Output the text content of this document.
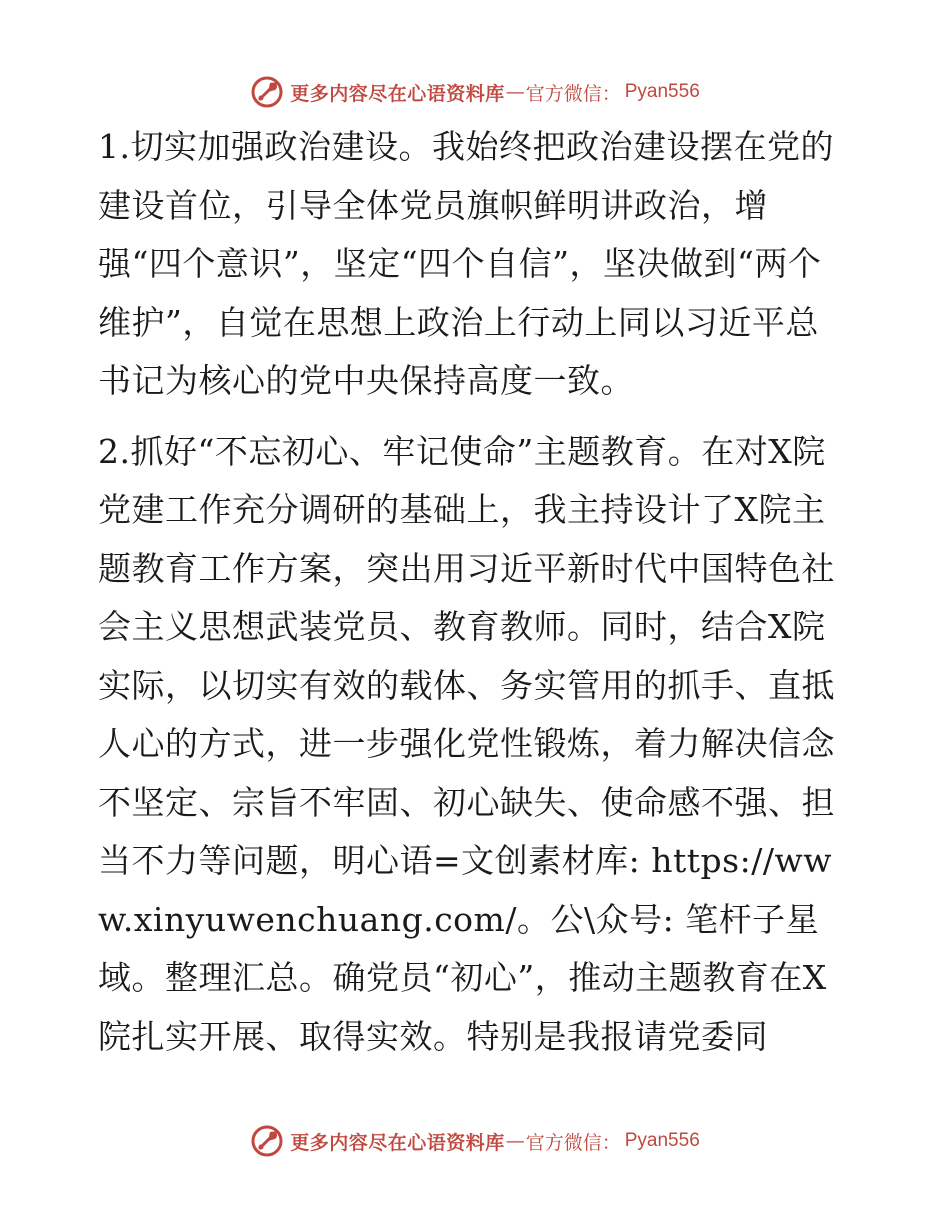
更多内容尽在心语资料库 — 官方微信： Pyan556

1.切实加强政治建设。我始终把政治建设摆在党的建设首位，引导全体党员旗帜鲜明讲政治，增强“四个意识”，坚定“四个自信”，坚决做到“两个维护”，自觉在思想上政治上行动上同以习近平总书记为核心的党中央保持高度一致。

2.抓好“不忘初心、牢记使命”主题教育。在对X院党建工作充分调研的基础上，我主持设计了X院主题教育工作方案，突出用习近平新时代中国特色社会主义思想武装党员、教育教师。同时，结合X院实际，以切实有效的载体、务实管用的抓手、直抵人心的方式，进一步强化党性锻炼，着力解决信念不坚定、宗旨不牢固、初心缺失、使命感不强、担当不力等问题，明心语=文创素材库: https://www.xinyuwenchuang.com/。公\众号: 笔杆子星域。整理汇总。确党员“初心”，推动主题教育在X院扎实开展、取得实效。特别是我报请党委同

更多内容尽在心语资料库 — 官方微信： Pyan556
